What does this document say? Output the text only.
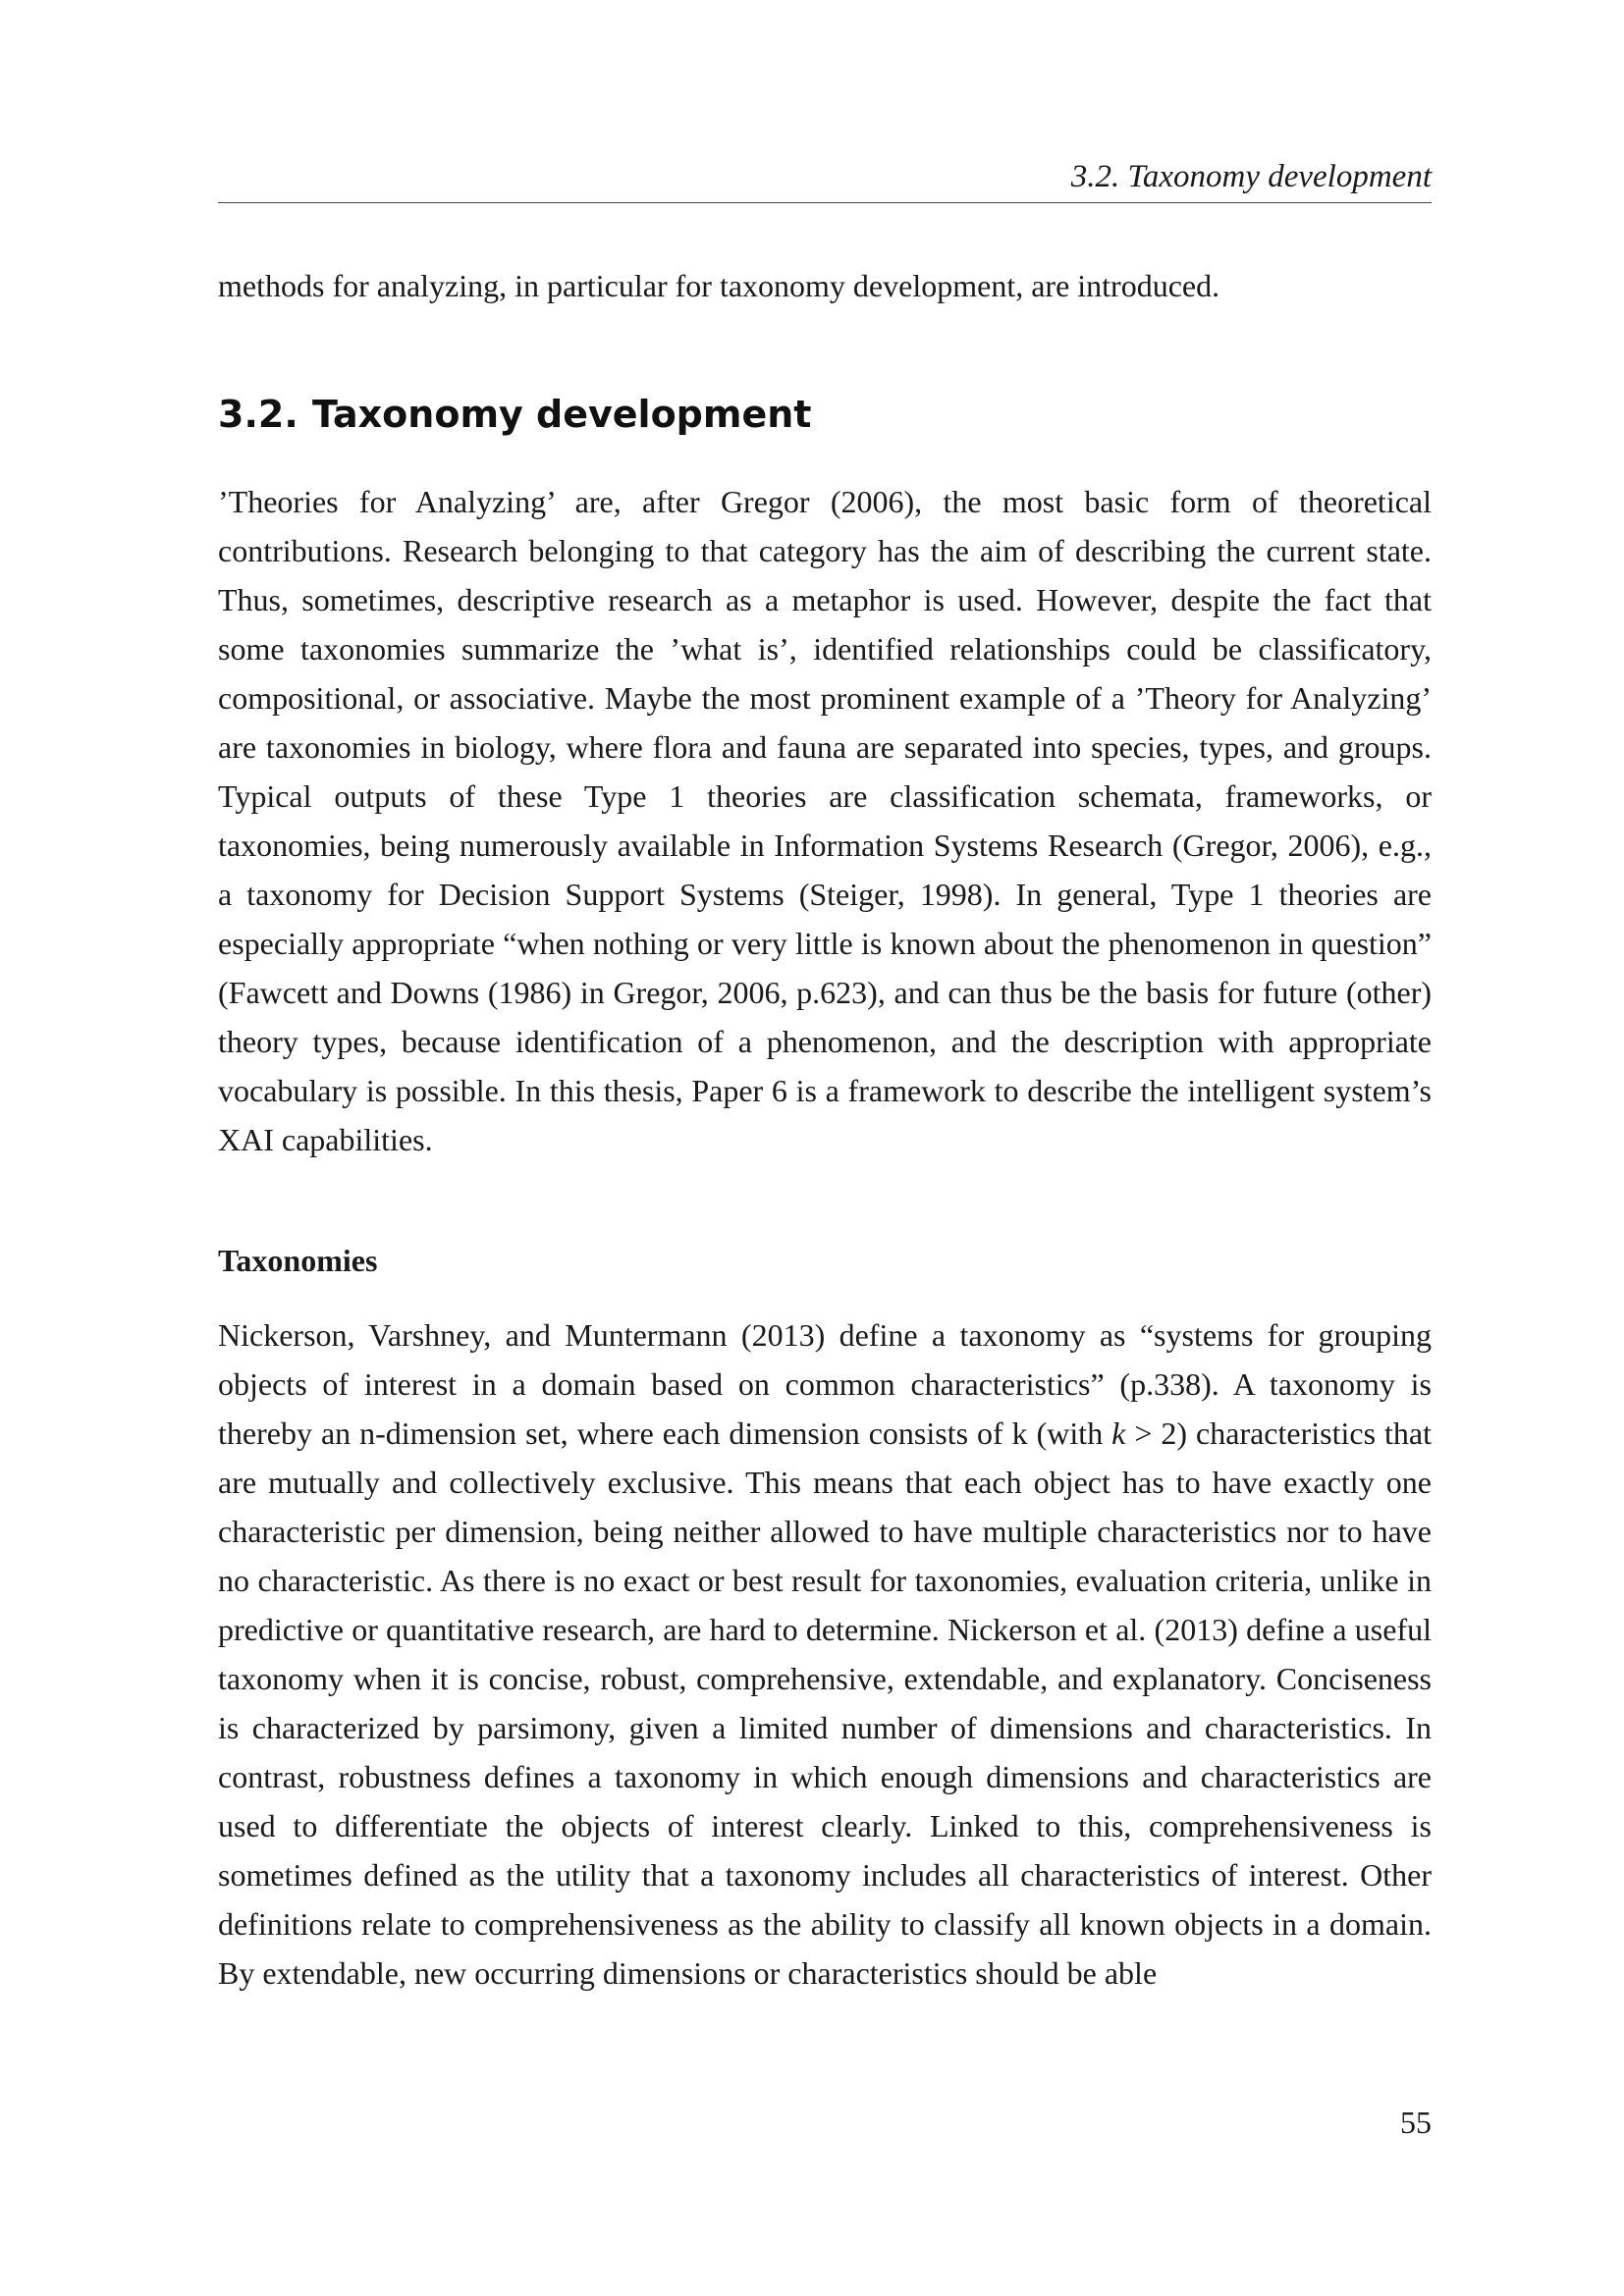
3.2. Taxonomy development

methods for analyzing, in particular for taxonomy development, are introduced.

3.2. Taxonomy development

’Theories for Analyzing’ are, after Gregor (2006), the most basic form of theoretical contributions. Research belonging to that category has the aim of describing the current state. Thus, sometimes, descriptive research as a metaphor is used. However, despite the fact that some taxonomies summarize the ’what is’, identified relationships could be classificatory, compositional, or associative. Maybe the most prominent example of a ’Theory for Analyzing’ are taxonomies in biology, where flora and fauna are separated into species, types, and groups. Typical outputs of these Type 1 theories are classification schemata, frameworks, or taxonomies, being numerously available in Information Systems Research (Gregor, 2006), e.g., a taxonomy for Decision Support Systems (Steiger, 1998). In general, Type 1 theories are especially appropriate “when nothing or very little is known about the phenomenon in question” (Fawcett and Downs (1986) in Gregor, 2006, p.623), and can thus be the basis for future (other) theory types, because identification of a phenomenon, and the description with appropriate vocabulary is possible. In this thesis, Paper 6 is a framework to describe the intelligent system’s XAI capabilities.

Taxonomies

Nickerson, Varshney, and Muntermann (2013) define a taxonomy as “systems for grouping objects of interest in a domain based on common characteristics” (p.338). A taxonomy is thereby an n-dimension set, where each dimension consists of k (with k > 2) characteristics that are mutually and collectively exclusive. This means that each object has to have exactly one characteristic per dimension, being neither allowed to have multiple characteristics nor to have no characteristic. As there is no exact or best result for taxonomies, evaluation criteria, unlike in predictive or quantitative research, are hard to determine. Nickerson et al. (2013) define a useful taxonomy when it is concise, robust, comprehensive, extendable, and explanatory. Conciseness is characterized by parsimony, given a limited number of dimensions and characteristics. In contrast, robustness defines a taxonomy in which enough dimensions and characteristics are used to differentiate the objects of interest clearly. Linked to this, comprehensiveness is sometimes defined as the utility that a taxonomy includes all characteristics of interest. Other definitions relate to comprehensiveness as the ability to classify all known objects in a domain. By extendable, new occurring dimensions or characteristics should be able

55
